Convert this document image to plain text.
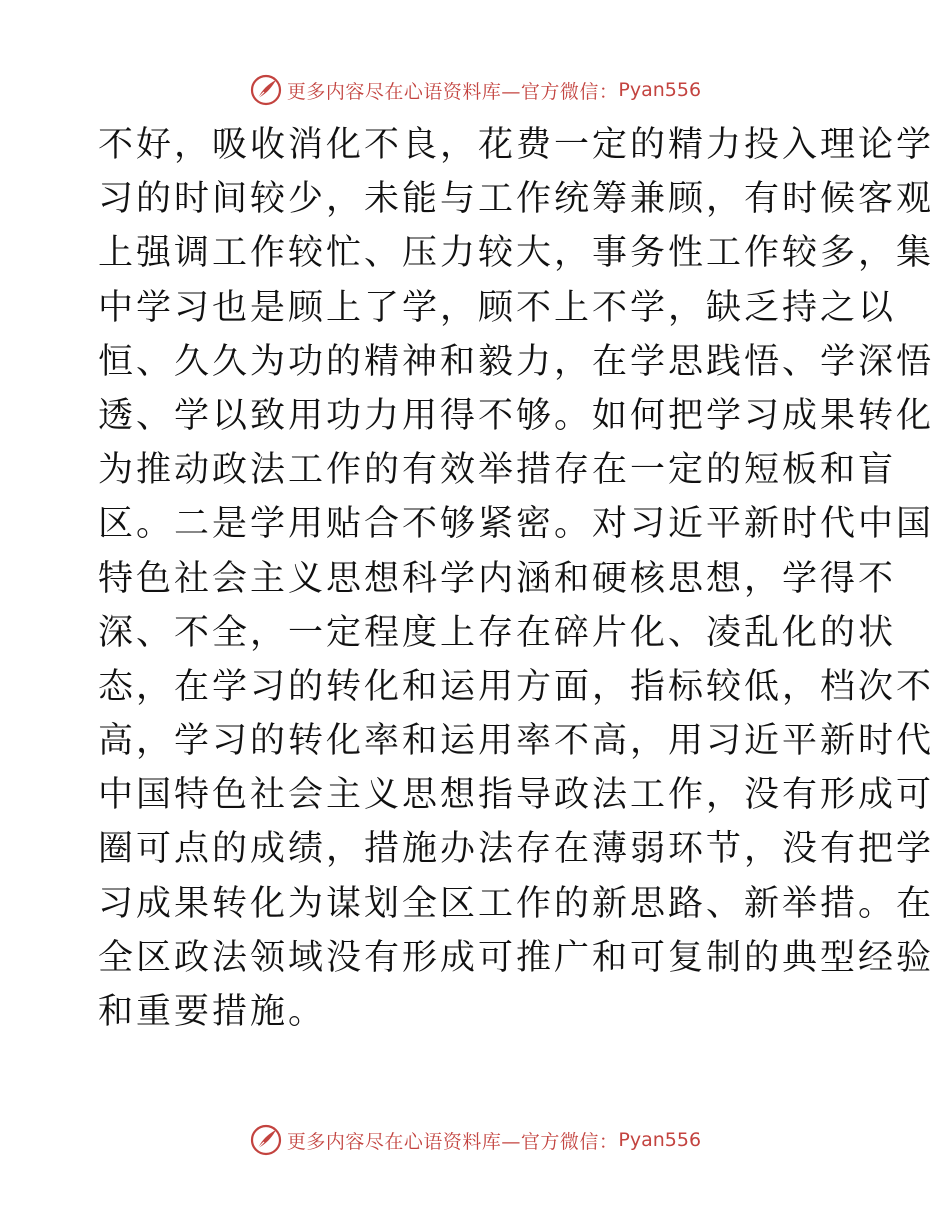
更多内容尽在心语资料库—官方微信： Pyan556
不好，吸收消化不良，花费一定的精力投入理论学
习的时间较少，未能与工作统筹兼顾，有时候客观
上强调工作较忙、压力较大，事务性工作较多，集
中学习也是顾上了学，顾不上不学，缺乏持之以
恒、久久为功的精神和毅力，在学思践悟、学深悟
透、学以致用功力用得不够。如何把学习成果转化
为推动政法工作的有效举措存在一定的短板和盲
区。二是学用贴合不够紧密。对习近平新时代中国
特色社会主义思想科学内涵和硬核思想，学得不
深、不全，一定程度上存在碎片化、凌乱化的状
态，在学习的转化和运用方面，指标较低，档次不
高，学习的转化率和运用率不高，用习近平新时代
中国特色社会主义思想指导政法工作，没有形成可
圈可点的成绩，措施办法存在薄弱环节，没有把学
习成果转化为谋划全区工作的新思路、新举措。在
全区政法领域没有形成可推广和可复制的典型经验
和重要措施。
更多内容尽在心语资料库—官方微信： Pyan556
